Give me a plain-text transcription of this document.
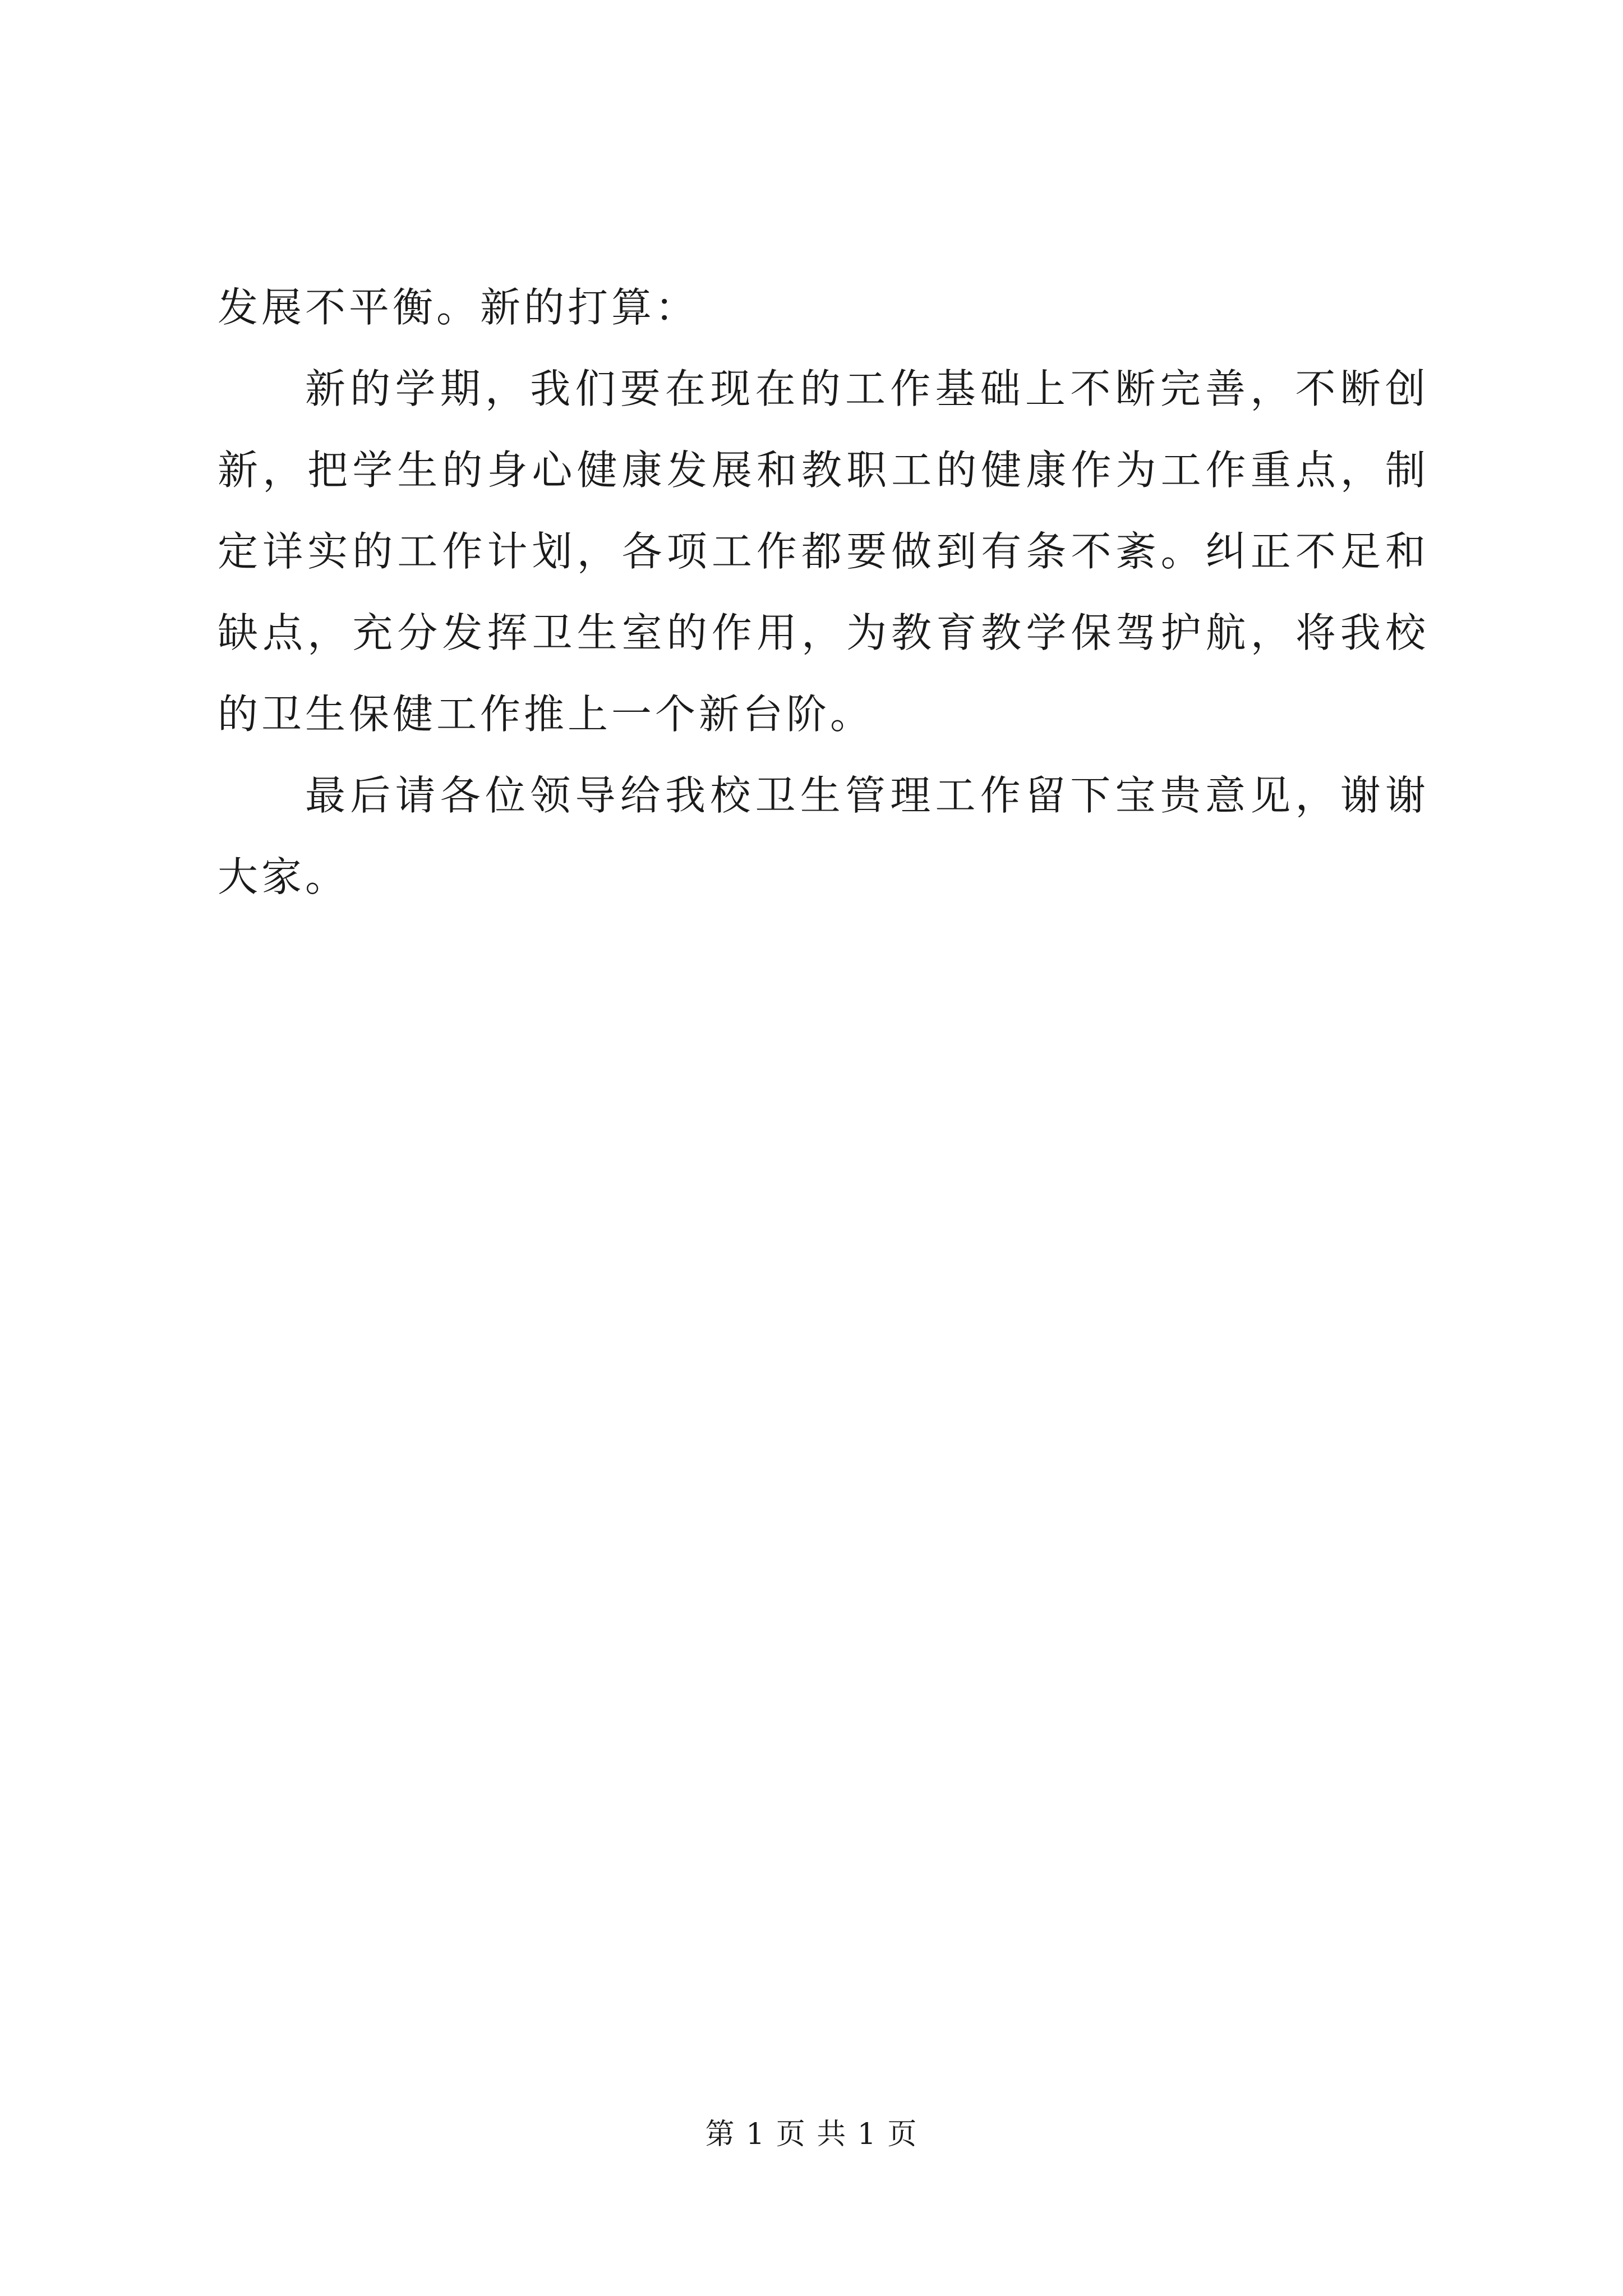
发展不平衡。新的打算：

新的学期，我们要在现在的工作基础上不断完善，不断创新，把学生的身心健康发展和教职工的健康作为工作重点，制定详实的工作计划，各项工作都要做到有条不紊。纠正不足和缺点，充分发挥卫生室的作用，为教育教学保驾护航，将我校的卫生保健工作推上一个新台阶。

最后请各位领导给我校卫生管理工作留下宝贵意见，谢谢大家。

第 1 页 共 1 页
